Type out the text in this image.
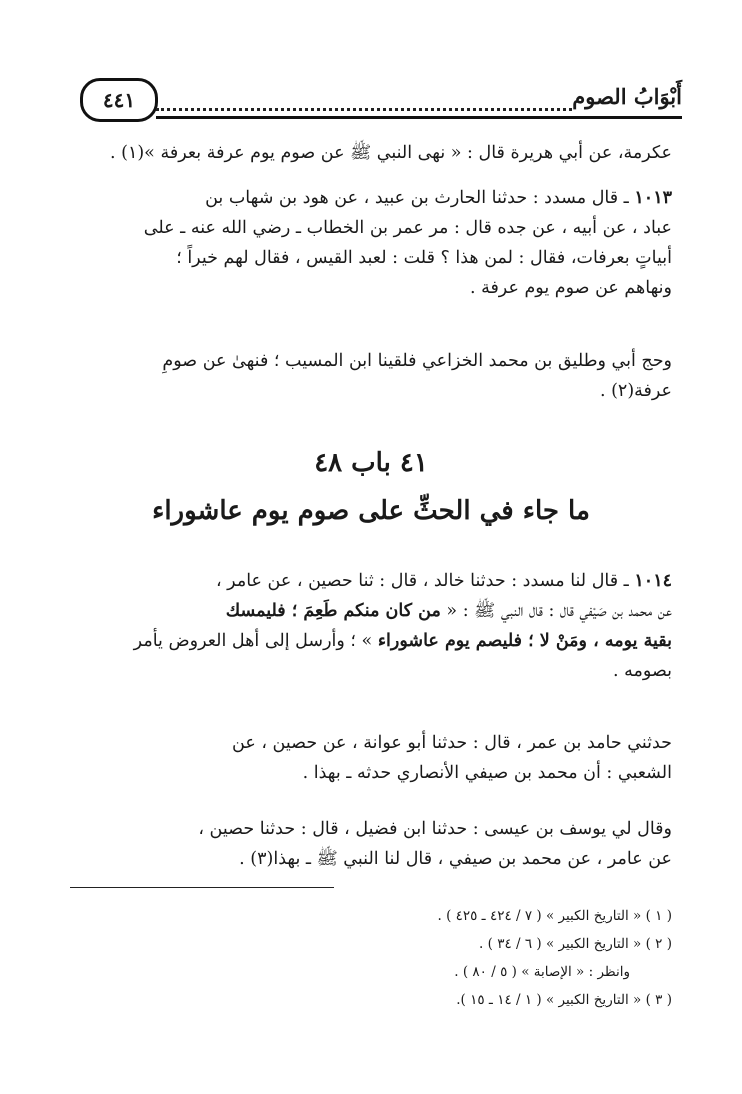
أَبْوَابُ الصوم
٤٤١
عكرمة، عن أبي هريرة قال : « نهى النبي ﷺ عن صوم يوم عرفة بعرفة »(١) .
١٠١٣ ـ قال مسدد : حدثنا الحارث بن عبيد ، عن هود بن شهاب بن
عباد ، عن أبيه ، عن جده قال : مر عمر بن الخطاب ـ رضي الله عنه ـ على
أبياتٍ بعرفات، فقال : لمن هذا ؟ قلت : لعبد القيس ، فقال لهم خيراً ؛
ونهاهم عن صوم يوم عرفة .
وحج أبي وطليق بن محمد الخزاعي فلقينا ابن المسيب ؛ فنهىٰ عن صومِ
عرفة(٢) .
٤١ باب ٤٨
ما جاء في الحثِّ على صوم يوم عاشوراء
١٠١٤ ـ قال لنا مسدد : حدثنا خالد ، قال : ثنا حصين ، عن عامر ،
عن محمد بن صَيْفي قال : قال النبي ﷺ : « من كان منكم طَعِمَ ؛ فليمسك
بقية يومه ، ومَنْ لا ؛ فليصم يوم عاشوراء » ؛ وأرسل إلى أهل العروض يأمر
بصومه .
حدثني حامد بن عمر ، قال : حدثنا أبو عوانة ، عن حصين ، عن
الشعبي : أن محمد بن صيفي الأنصاري حدثه ـ بهذا .
وقال لي يوسف بن عيسى : حدثنا ابن فضيل ، قال : حدثنا حصين ،
عن عامر ، عن محمد بن صيفي ، قال لنا النبي ﷺ ـ بهذا(٣) .
( ١ ) « التاريخ الكبير » ( ٧ / ٤٢٤ ـ ٤٢٥ ) .
( ٢ ) « التاريخ الكبير » ( ٦ / ٣٤ ) .
وانظر : « الإصابة » ( ٥ / ٨٠ ) .
( ٣ ) « التاريخ الكبير » ( ١ / ١٤ ـ ١٥ ).
